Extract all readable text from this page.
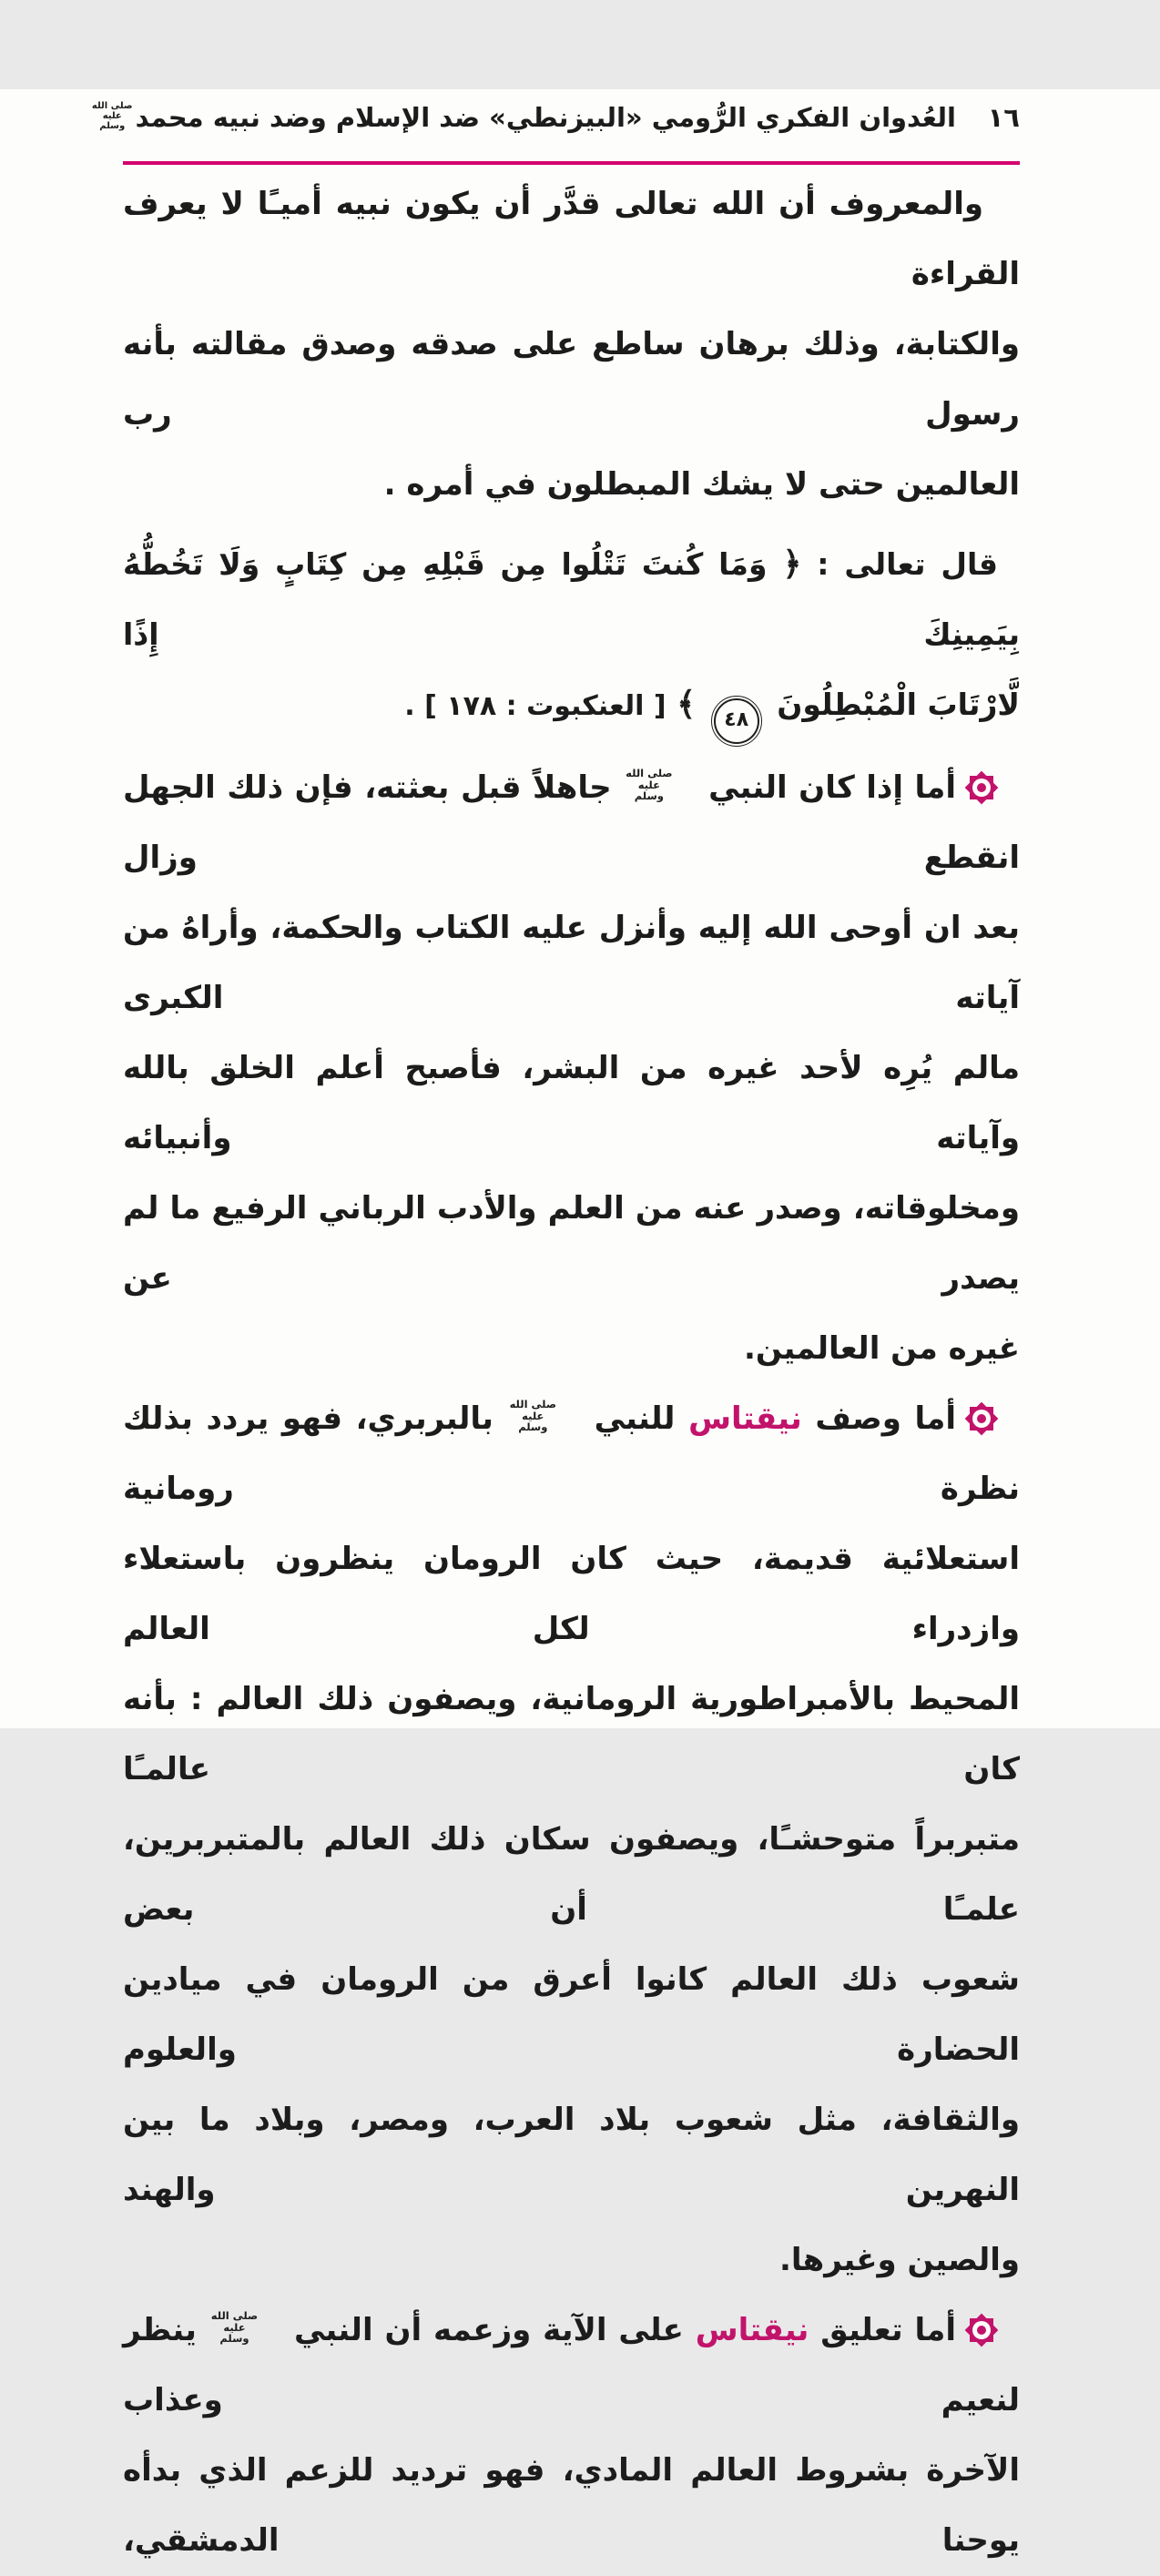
العُدوان الفكري الرُّومي «البيزنطي» ضد الإسلام وضد نبيه محمد
صلى الله
عليه
وسلم	١٦
والمعروف أن الله تعالى قدَّر أن يكون نبيه أميـًا لا يعرف القراءة
والكتابة، وذلك برهان ساطع على صدقه وصدق مقالته بأنه رسول رب
العالمين حتى لا يشك المبطلون في أمره .
قال تعالى : ﴿ وَمَا كُنتَ تَتْلُوا مِن قَبْلِهِ مِن كِتَابٍ وَلَا تَخُطُّهُ بِيَمِينِكَ إِذًا
لَّارْتَابَ الْمُبْطِلُونَ ٤٨ ﴾ [ العنكبوت : ١٧٨ ] .
أما إذا كان النبي
صلى الله
عليه
وسلم
جاهلاً قبل بعثته، فإن ذلك الجهل انقطع وزال
بعد ان أوحى الله إليه وأنزل عليه الكتاب والحكمة، وأراهُ من آياته الكبرى
مالم يُرِه لأحد غيره من البشر، فأصبح أعلم الخلق بالله وآياته وأنبيائه
ومخلوقاته، وصدر عنه من العلم والأدب الرباني الرفيع ما لم يصدر عن
غيره من العالمين.
أما وصف نيقتاس للنبي
صلى الله
عليه
وسلم
بالبربري، فهو يردد بذلك نظرة رومانية
استعلائية قديمة، حيث كان الرومان ينظرون باستعلاء وازدراء لكل العالم
المحيط بالأمبراطورية الرومانية، ويصفون ذلك العالم : بأنه كان عالمـًا
متبربراً متوحشـًا، ويصفون سكان ذلك العالم بالمتبربرين، علمـًا أن بعض
شعوب ذلك العالم كانوا أعرق من الرومان في ميادين الحضارة والعلوم
والثقافة، مثل شعوب بلاد العرب، ومصر، وبلاد ما بين النهرين والهند
والصين وغيرها.
أما تعليق نيقتاس على الآية وزعمه أن النبي
صلى الله
عليه
وسلم
ينظر لنعيم وعذاب
الآخرة بشروط العالم المادي، فهو ترديد للزعم الذي بدأه يوحنا الدمشقي،
